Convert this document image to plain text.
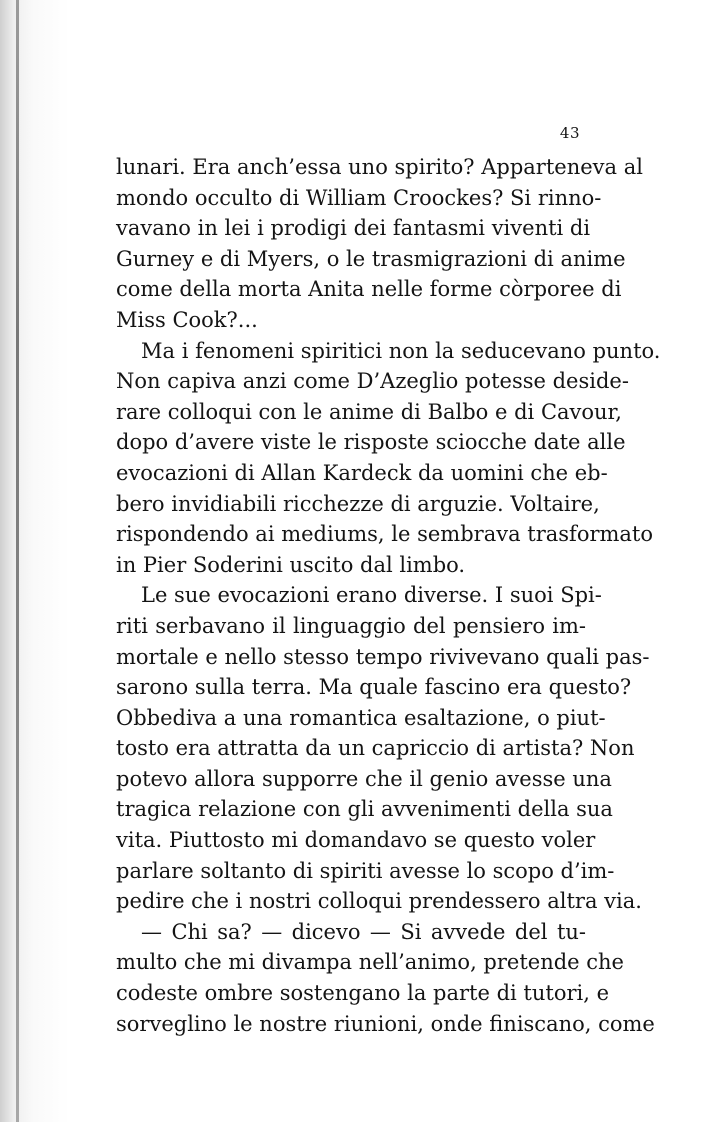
43
lunari. Era anch’essa uno spirito? Apparteneva al
mondo occulto di William Croockes? Si rinno-
vavano in lei i prodigi dei fantasmi viventi di
Gurney e di Myers, o le trasmigrazioni di anime
come della morta Anita nelle forme còrporee di
Miss Cook?...
Ma i fenomeni spiritici non la seducevano punto.
Non capiva anzi come D’Azeglio potesse deside-
rare colloqui con le anime di Balbo e di Cavour,
dopo d’avere viste le risposte sciocche date alle
evocazioni di Allan Kardeck da uomini che eb-
bero invidiabili ricchezze di arguzie. Voltaire,
rispondendo ai mediums, le sembrava trasformato
in Pier Soderini uscito dal limbo.
Le sue evocazioni erano diverse. I suoi Spi-
riti serbavano il linguaggio del pensiero im-
mortale e nello stesso tempo rivivevano quali pas-
sarono sulla terra. Ma quale fascino era questo?
Obbediva a una romantica esaltazione, o piut-
tosto era attratta da un capriccio di artista? Non
potevo allora supporre che il genio avesse una
tragica relazione con gli avvenimenti della sua
vita. Piuttosto mi domandavo se questo voler
parlare soltanto di spiriti avesse lo scopo d’im-
pedire che i nostri colloqui prendessero altra via.
— Chi sa? — dicevo — Si avvede del tu-
multo che mi divampa nell’animo, pretende che
codeste ombre sostengano la parte di tutori, e
sorveglino le nostre riunioni, onde finiscano, come
